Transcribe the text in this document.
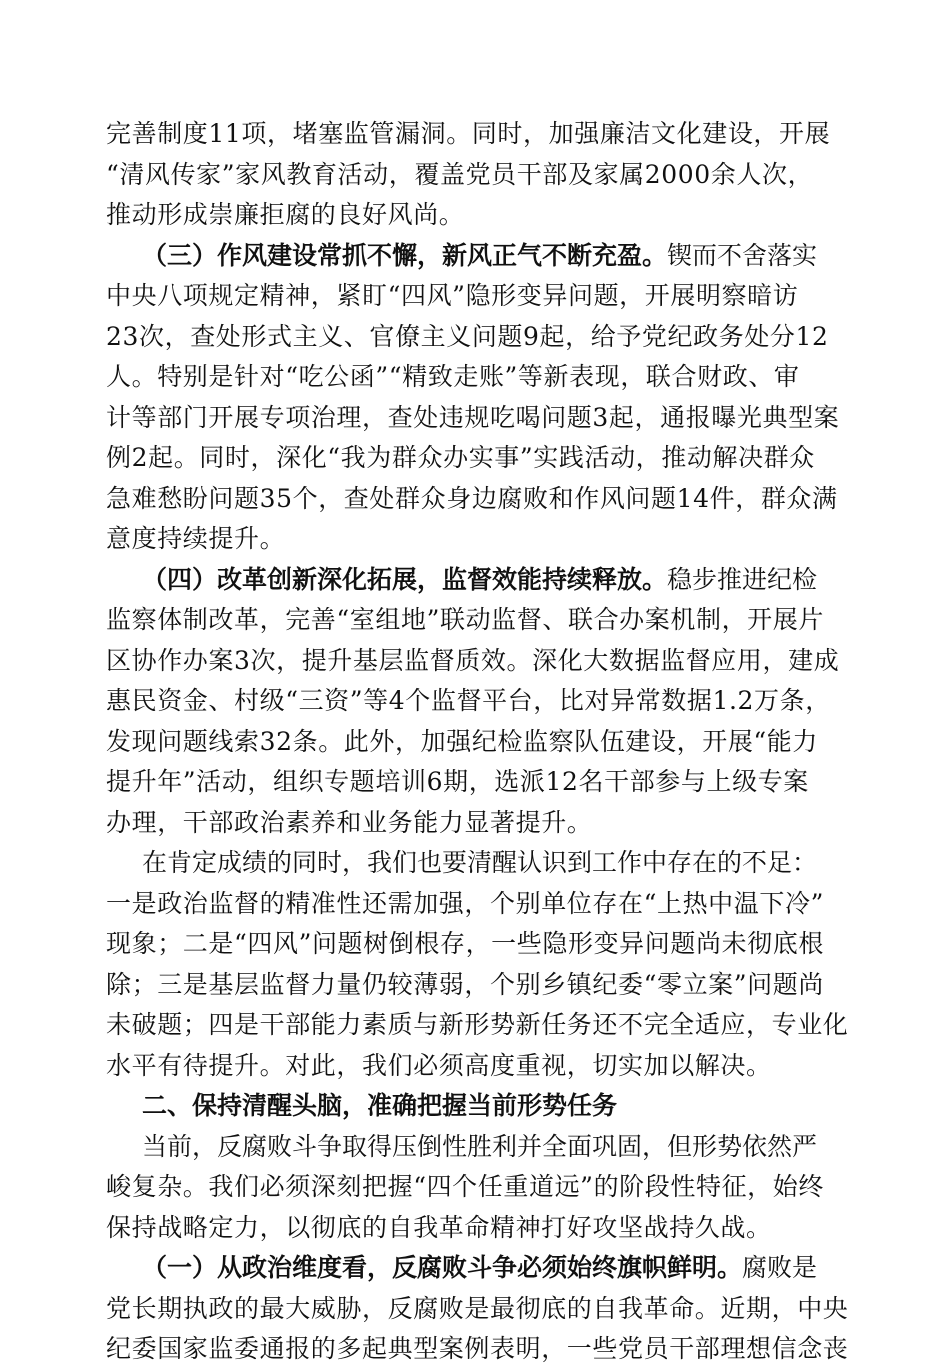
完善制度11项，堵塞监管漏洞。同时，加强廉洁文化建设，开展
“清风传家”家风教育活动，覆盖党员干部及家属2000余人次，
推动形成崇廉拒腐的良好风尚。
（三）作风建设常抓不懈，新风正气不断充盈。锲而不舍落实
中央八项规定精神，紧盯“四风”隐形变异问题，开展明察暗访
23次，查处形式主义、官僚主义问题9起，给予党纪政务处分12
人。特别是针对“吃公函”“精致走账”等新表现，联合财政、审
计等部门开展专项治理，查处违规吃喝问题3起，通报曝光典型案
例2起。同时，深化“我为群众办实事”实践活动，推动解决群众
急难愁盼问题35个，查处群众身边腐败和作风问题14件，群众满
意度持续提升。
（四）改革创新深化拓展，监督效能持续释放。稳步推进纪检
监察体制改革，完善“室组地”联动监督、联合办案机制，开展片
区协作办案3次，提升基层监督质效。深化大数据监督应用，建成
惠民资金、村级“三资”等4个监督平台，比对异常数据1.2万条，
发现问题线索32条。此外，加强纪检监察队伍建设，开展“能力
提升年”活动，组织专题培训6期，选派12名干部参与上级专案
办理，干部政治素养和业务能力显著提升。
在肯定成绩的同时，我们也要清醒认识到工作中存在的不足：
一是政治监督的精准性还需加强，个别单位存在“上热中温下冷”
现象；二是“四风”问题树倒根存，一些隐形变异问题尚未彻底根
除；三是基层监督力量仍较薄弱，个别乡镇纪委“零立案”问题尚
未破题；四是干部能力素质与新形势新任务还不完全适应，专业化
水平有待提升。对此，我们必须高度重视，切实加以解决。
二、保持清醒头脑，准确把握当前形势任务
当前，反腐败斗争取得压倒性胜利并全面巩固，但形势依然严
峻复杂。我们必须深刻把握“四个任重道远”的阶段性特征，始终
保持战略定力，以彻底的自我革命精神打好攻坚战持久战。
（一）从政治维度看，反腐败斗争必须始终旗帜鲜明。腐败是
党长期执政的最大威胁，反腐败是最彻底的自我革命。近期，中央
纪委国家监委通报的多起典型案例表明，一些党员干部理想信念丧
